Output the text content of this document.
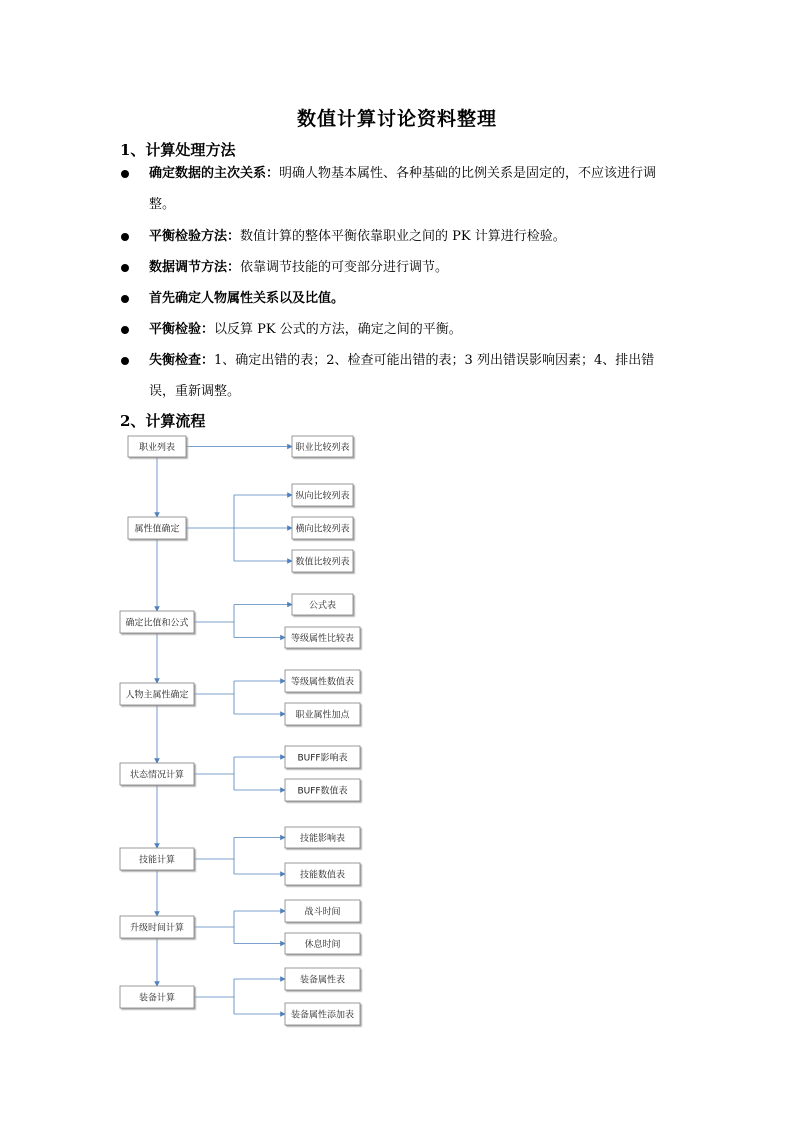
数值计算讨论资料整理
1、计算处理方法
确定数据的主次关系：明确人物基本属性、各种基础的比例关系是固定的，不应该进行调整。
平衡检验方法：数值计算的整体平衡依靠职业之间的 PK 计算进行检验。
数据调节方法：依靠调节技能的可变部分进行调节。
首先确定人物属性关系以及比值。
平衡检验：以反算 PK 公式的方法，确定之间的平衡。
失衡检查：1、确定出错的表；2、检查可能出错的表；3 列出错误影响因素；4、排出错误，重新调整。
2、计算流程
职业列表	职业比较列表
属性值确定
纵向比较列表
横向比较列表
数值比较列表
确定比值和公式
公式表
等级属性比较表
人物主属性确定
等级属性数值表
职业属性加点
状态情况计算
BUFF影响表
BUFF数值表
技能计算
技能影响表
技能数值表
升级时间计算
战斗时间
休息时间
装备计算
装备属性表
装备属性添加表
